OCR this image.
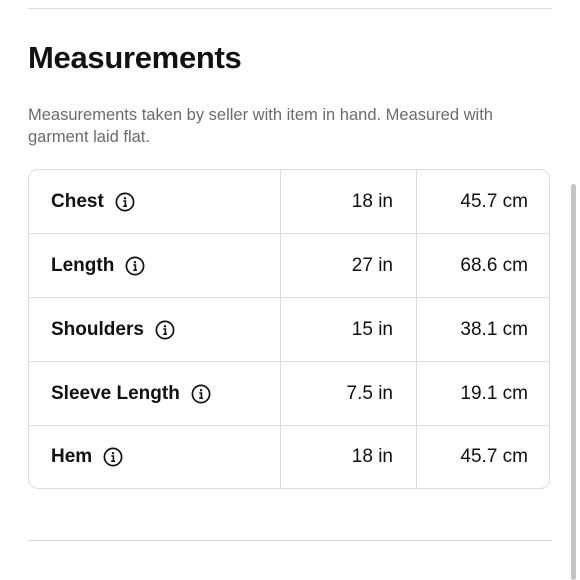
Measurements

Measurements taken by seller with item in hand. Measured with garment laid flat.

Chest	18 in	45.7 cm
Length	27 in	68.6 cm
Shoulders	15 in	38.1 cm
Sleeve Length	7.5 in	19.1 cm
Hem	18 in	45.7 cm
